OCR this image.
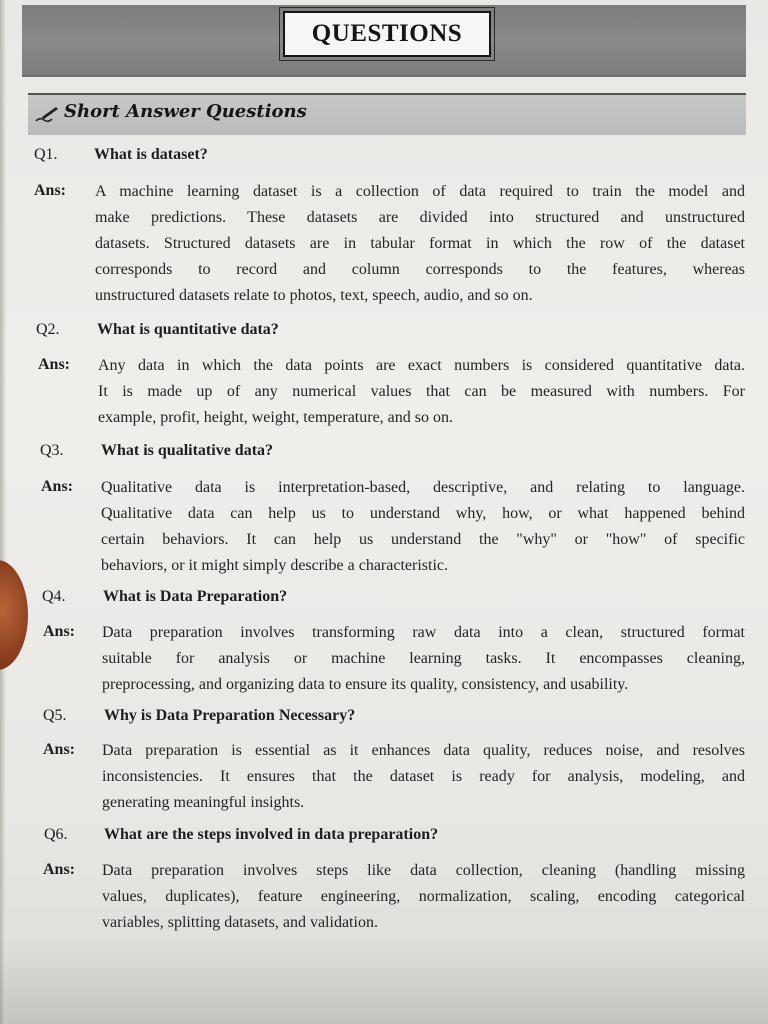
QUESTIONS
Short Answer Questions
Q1. What is dataset?
Ans: A machine learning dataset is a collection of data required to train the model and
make predictions. These datasets are divided into structured and unstructured
datasets. Structured datasets are in tabular format in which the row of the dataset
corresponds to record and column corresponds to the features, whereas
unstructured datasets relate to photos, text, speech, audio, and so on.
Q2. What is quantitative data?
Ans: Any data in which the data points are exact numbers is considered quantitative data.
It is made up of any numerical values that can be measured with numbers. For
example, profit, height, weight, temperature, and so on.
Q3. What is qualitative data?
Ans: Qualitative data is interpretation-based, descriptive, and relating to language.
Qualitative data can help us to understand why, how, or what happened behind
certain behaviors. It can help us understand the "why" or "how" of specific
behaviors, or it might simply describe a characteristic.
Q4. What is Data Preparation?
Ans: Data preparation involves transforming raw data into a clean, structured format
suitable for analysis or machine learning tasks. It encompasses cleaning,
preprocessing, and organizing data to ensure its quality, consistency, and usability.
Q5. Why is Data Preparation Necessary?
Ans: Data preparation is essential as it enhances data quality, reduces noise, and resolves
inconsistencies. It ensures that the dataset is ready for analysis, modeling, and
generating meaningful insights.
Q6. What are the steps involved in data preparation?
Ans: Data preparation involves steps like data collection, cleaning (handling missing
values, duplicates), feature engineering, normalization, scaling, encoding categorical
variables, splitting datasets, and validation.
